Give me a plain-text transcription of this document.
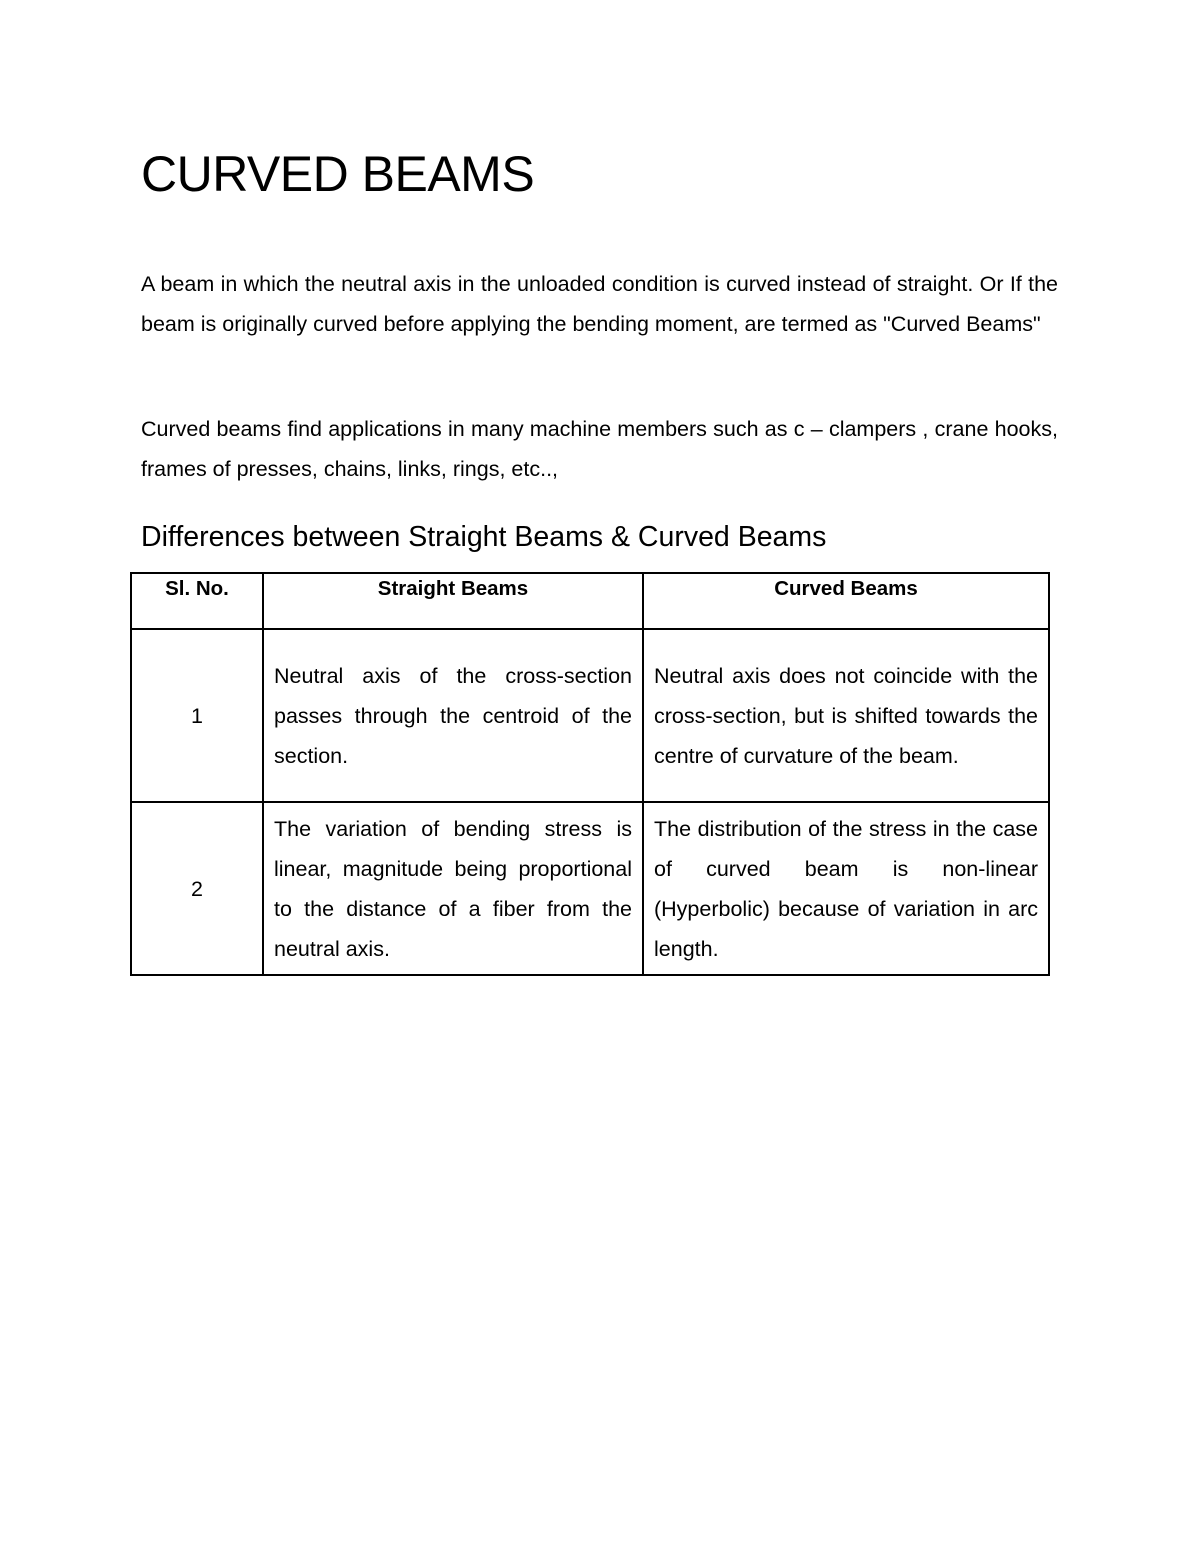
CURVED BEAMS

A beam in which the neutral axis in the unloaded condition is curved instead of straight. Or If the beam is originally curved before applying the bending moment, are termed as "Curved Beams"

Curved beams find applications in many machine members such as c – clampers , crane hooks, frames of presses, chains, links, rings, etc..,

Differences between Straight Beams & Curved Beams
Sl. No.	Straight Beams	Curved Beams
1	Neutral axis of the cross-section passes through the centroid of the section.	Neutral axis does not coincide with the cross-section, but is shifted towards the centre of curvature of the beam.
2	The variation of bending stress is linear, magnitude being proportional to the distance of a fiber from the neutral axis.	The distribution of the stress in the case of curved beam is non-linear (Hyperbolic) because of variation in arc length.
